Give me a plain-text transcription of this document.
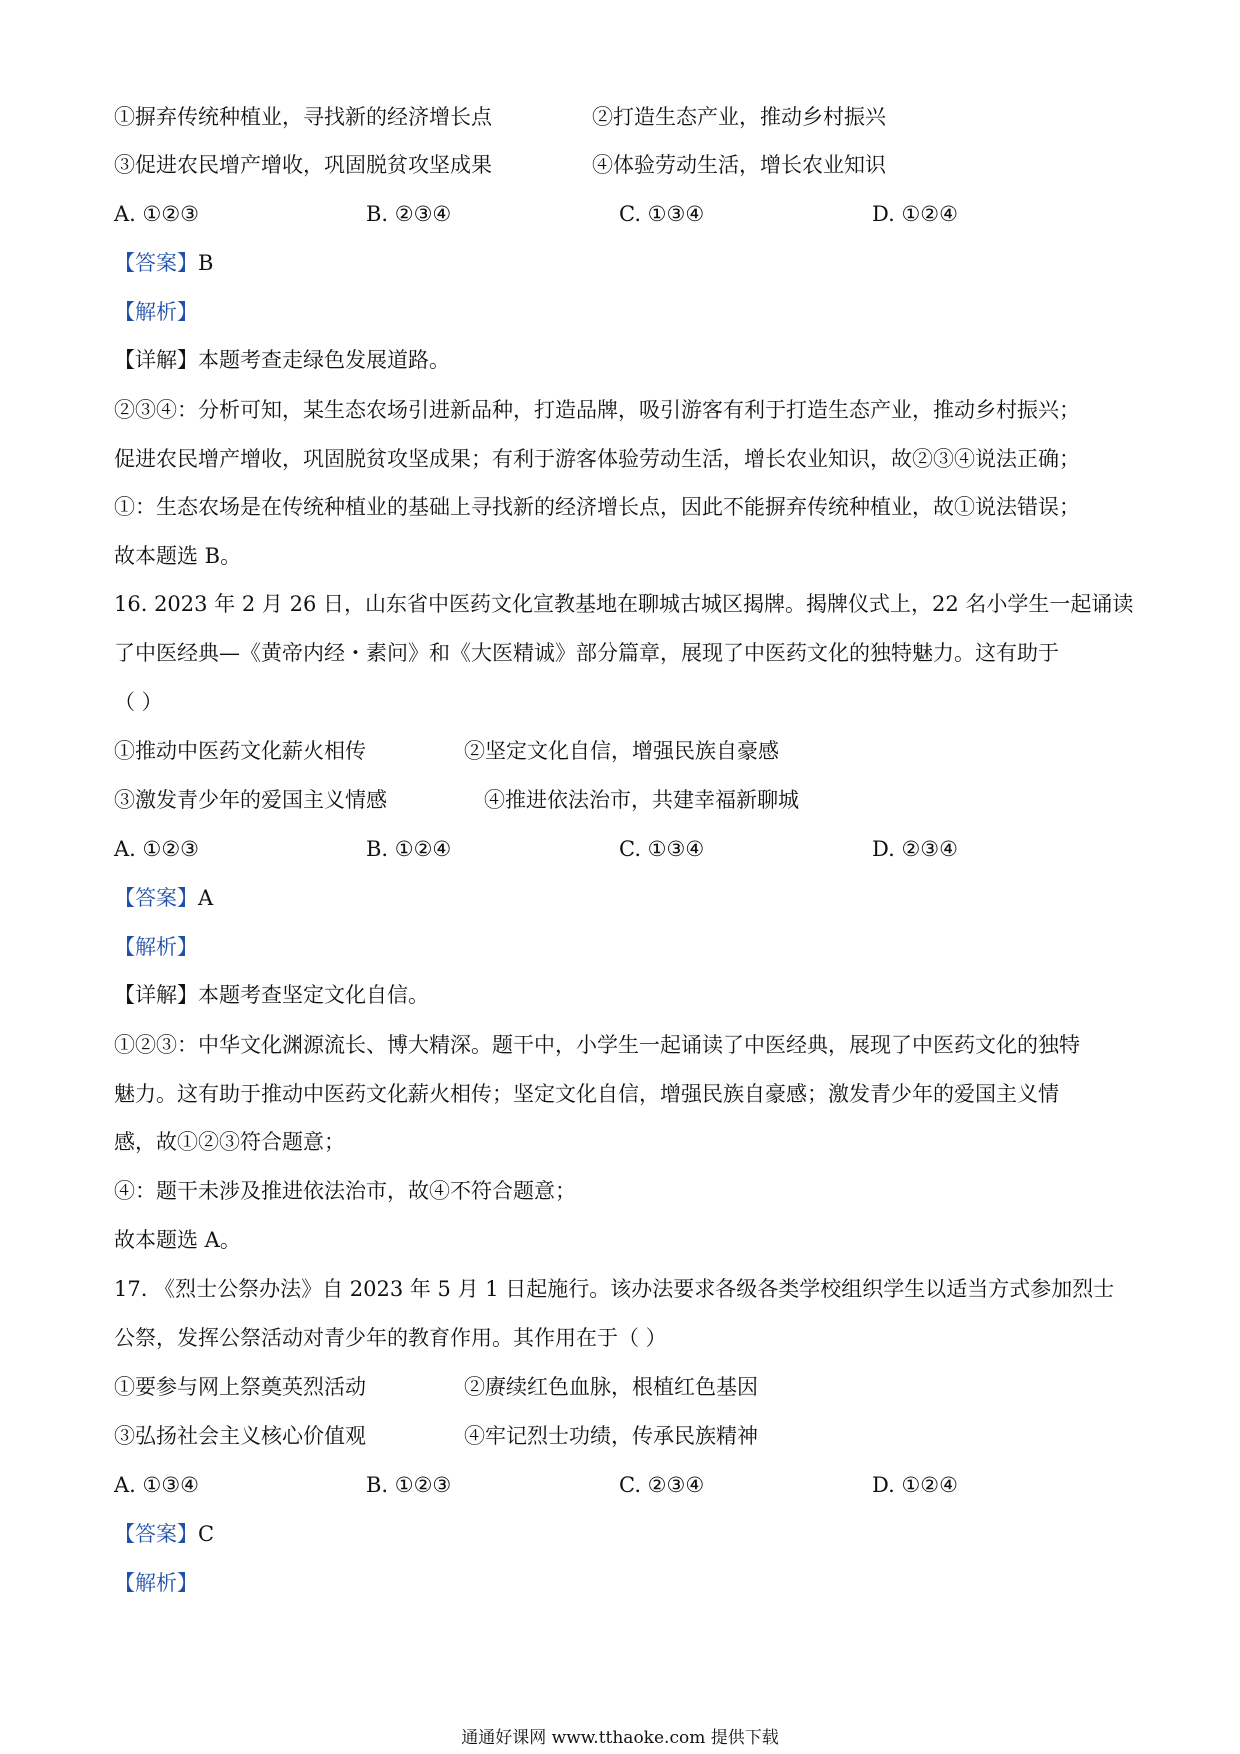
①摒弃传统种植业，寻找新的经济增长点	②打造生态产业，推动乡村振兴
③促进农民增产增收，巩固脱贫攻坚成果	④体验劳动生活，增长农业知识
A. ①②③	B. ②③④	C. ①③④	D. ①②④
【答案】B
【解析】
【详解】本题考查走绿色发展道路。
②③④：分析可知，某生态农场引进新品种，打造品牌，吸引游客有利于打造生态产业，推动乡村振兴；
促进农民增产增收，巩固脱贫攻坚成果；有利于游客体验劳动生活，增长农业知识，故②③④说法正确；
①：生态农场是在传统种植业的基础上寻找新的经济增长点，因此不能摒弃传统种植业，故①说法错误；
故本题选 B。
16. 2023 年 2 月 26 日，山东省中医药文化宣教基地在聊城古城区揭牌。揭牌仪式上，22 名小学生一起诵读
了中医经典—《黄帝内经・素问》和《大医精诚》部分篇章，展现了中医药文化的独特魅力。这有助于
（ ）
①推动中医药文化薪火相传	②坚定文化自信，增强民族自豪感
③激发青少年的爱国主义情感	④推进依法治市，共建幸福新聊城
A. ①②③	B. ①②④	C. ①③④	D. ②③④
【答案】A
【解析】
【详解】本题考查坚定文化自信。
①②③：中华文化渊源流长、博大精深。题干中，小学生一起诵读了中医经典，展现了中医药文化的独特
魅力。这有助于推动中医药文化薪火相传；坚定文化自信，增强民族自豪感；激发青少年的爱国主义情
感，故①②③符合题意；
④：题干未涉及推进依法治市，故④不符合题意；
故本题选 A。
17. 《烈士公祭办法》自 2023 年 5 月 1 日起施行。该办法要求各级各类学校组织学生以适当方式参加烈士
公祭，发挥公祭活动对青少年的教育作用。其作用在于（ ）
①要参与网上祭奠英烈活动	②赓续红色血脉，根植红色基因
③弘扬社会主义核心价值观	④牢记烈士功绩，传承民族精神
A. ①③④	B. ①②③	C. ②③④	D. ①②④
【答案】C
【解析】
通通好课网 www.tthaoke.com 提供下载
